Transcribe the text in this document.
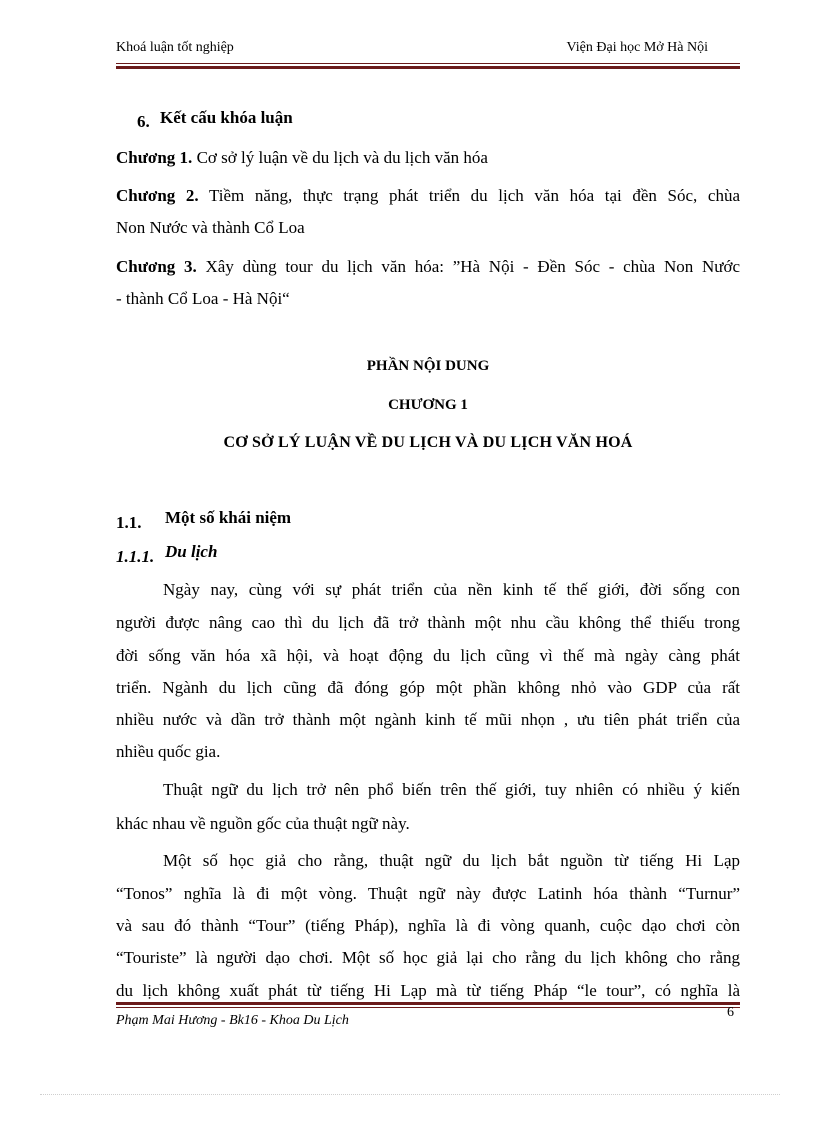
Khoá luận tốt nghiệp	Viện Đại học Mở Hà Nội
6. Kết cấu khóa luận
Chương 1. Cơ sở lý luận về du lịch và du lịch văn hóa
Chương 2. Tiềm năng, thực trạng phát triển du lịch văn hóa tại đền Sóc, chùa
Non Nước và thành Cổ Loa
Chương 3. Xây dùng tour du lịch văn hóa: ”Hà Nội - Đền Sóc - chùa Non Nước
- thành Cổ Loa - Hà Nội“
PHẦN NỘI DUNG
CHƯƠNG 1
CƠ SỞ LÝ LUẬN VỀ DU LỊCH VÀ DU LỊCH VĂN HOÁ
1.1. Một số khái niệm
1.1.1. Du lịch
Ngày nay, cùng với sự phát triển của nền kinh tế thế giới, đời sống con
người được nâng cao thì du lịch đã trở thành một nhu cầu không thể thiếu trong
đời sống văn hóa xã hội, và hoạt động du lịch cũng vì thế mà ngày càng phát
triển. Ngành du lịch cũng đã đóng góp một phần không nhỏ vào GDP của rất
nhiều nước và dần trở thành một ngành kinh tế mũi nhọn , ưu tiên phát triển của
nhiều quốc gia.
Thuật ngữ du lịch trở nên phổ biến trên thế giới, tuy nhiên có nhiều ý kiến
khác nhau về nguồn gốc của thuật ngữ này.
Một số học giả cho rằng, thuật ngữ du lịch bắt nguồn từ tiếng Hi Lạp
“Tonos” nghĩa là đi một vòng. Thuật ngữ này được Latinh hóa thành “Turnur”
và sau đó thành “Tour” (tiếng Pháp), nghĩa là đi vòng quanh, cuộc dạo chơi còn
“Touriste” là người dạo chơi. Một số học giả lại cho rằng du lịch không cho rằng
du lịch không xuất phát từ tiếng Hi Lạp mà từ tiếng Pháp “le tour”, có nghĩa là
Phạm Mai Hương - Bk16 - Khoa Du Lịch
6
